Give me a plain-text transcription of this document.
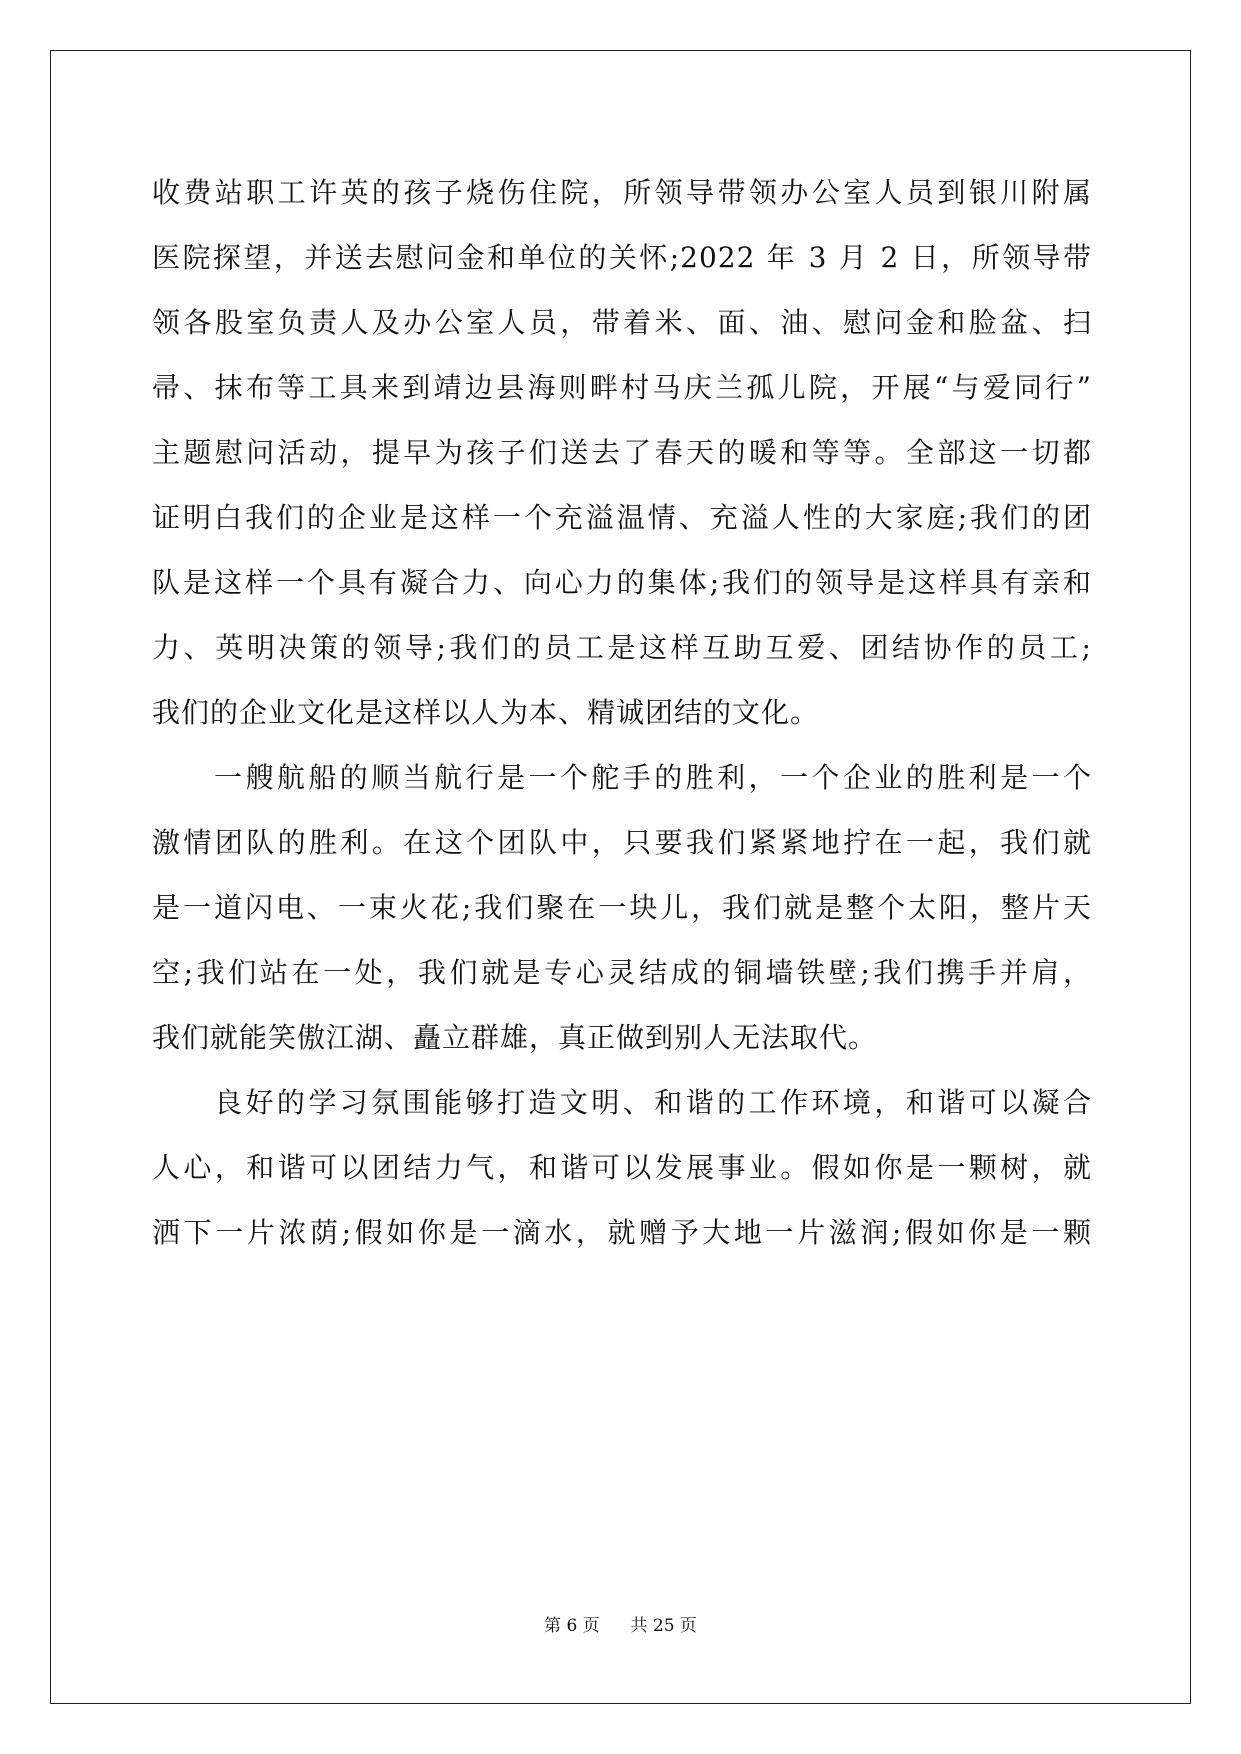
收费站职工许英的孩子烧伤住院，所领导带领办公室人员到银川附属
医院探望，并送去慰问金和单位的关怀;2022 年 3 月 2 日，所领导带
领各股室负责人及办公室人员，带着米、面、油、慰问金和脸盆、扫
帚、抹布等工具来到靖边县海则畔村马庆兰孤儿院，开展“与爱同行”
主题慰问活动，提早为孩子们送去了春天的暖和等等。全部这一切都
证明白我们的企业是这样一个充溢温情、充溢人性的大家庭;我们的团
队是这样一个具有凝合力、向心力的集体;我们的领导是这样具有亲和
力、英明决策的领导;我们的员工是这样互助互爱、团结协作的员工;
我们的企业文化是这样以人为本、精诚团结的文化。
一艘航船的顺当航行是一个舵手的胜利，一个企业的胜利是一个
激情团队的胜利。在这个团队中，只要我们紧紧地拧在一起，我们就
是一道闪电、一束火花;我们聚在一块儿，我们就是整个太阳，整片天
空;我们站在一处，我们就是专心灵结成的铜墙铁壁;我们携手并肩，
我们就能笑傲江湖、矗立群雄，真正做到别人无法取代。
良好的学习氛围能够打造文明、和谐的工作环境，和谐可以凝合
人心，和谐可以团结力气，和谐可以发展事业。假如你是一颗树，就
洒下一片浓荫;假如你是一滴水，就赠予大地一片滋润;假如你是一颗
第 6 页 共 25 页
